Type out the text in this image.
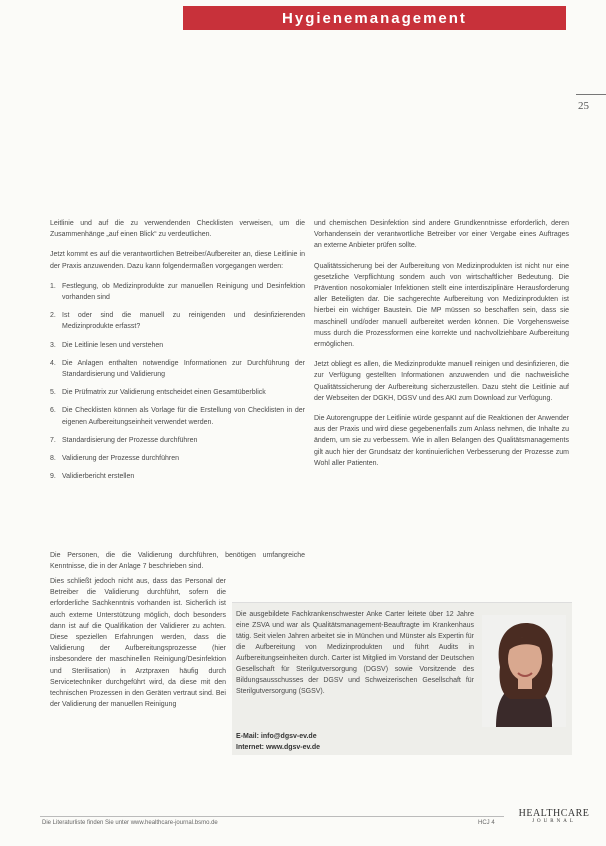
Hygienemanagement
25

Leitlinie und auf die zu verwendenden Checklisten verweisen, um die Zusammenhänge „auf einen Blick“ zu verdeutlichen.

Jetzt kommt es auf die verantwortlichen Betreiber/Aufbereiter an, diese Leitlinie in der Praxis anzuwenden. Dazu kann folgendermaßen vorgegangen werden:

1. Festlegung, ob Medizinprodukte zur manuellen Reinigung und Desinfektion vorhanden sind
2. Ist oder sind die manuell zu reinigenden und desinfizierenden Medizinprodukte erfasst?
3. Die Leitlinie lesen und verstehen
4. Die Anlagen enthalten notwendige Informationen zur Durchführung der Standardisierung und Validierung
5. Die Prüfmatrix zur Validierung entscheidet einen Gesamtüberblick
6. Die Checklisten können als Vorlage für die Erstellung von Checklisten in der eigenen Aufbereitungseinheit verwendet werden.
7. Standardisierung der Prozesse durchführen
8. Validierung der Prozesse durchführen
9. Validierbericht erstellen
Die Personen, die die Validierung durchführen, benötigen umfangreiche Kenntnisse, die in der Anlage 7 beschrieben sind.
Dies schließt jedoch nicht aus, dass das Personal der Betreiber die Validierung durchführt, sofern die erforderliche Sachkenntnis vorhanden ist. Sicherlich ist auch externe Unterstützung möglich, doch besonders dann ist auf die Qualifikation der Validierer zu achten. Diese speziellen Erfahrungen werden, dass die Validierung der Aufbereitungsprozesse (hier insbesondere der maschinellen Reinigung/Desinfektion und Sterilisation) in Arztpraxen häufig durch Servicetechniker durchgeführt wird, da diese mit den technischen Prozessen in den Geräten vertraut sind. Bei der Validierung der manuellen Reinigung

und chemischen Desinfektion sind andere Grundkenntnisse erforderlich, deren Vorhandensein der verantwortliche Betreiber vor einer Vergabe eines Auftrages an externe Anbieter prüfen sollte.

Qualitätssicherung bei der Aufbereitung von Medizinprodukten ist nicht nur eine gesetzliche Verpflichtung sondern auch von wirtschaftlicher Bedeutung. Die Prävention nosokomialer Infektionen stellt eine interdisziplinäre Herausforderung aller Beteiligten dar. Die sachgerechte Aufbereitung von Medizinprodukten ist hierbei ein wichtiger Baustein. Die MP müssen so beschaffen sein, dass sie maschinell und/oder manuell aufbereitet werden können. Die Vorgehensweise muss durch die Prozessformen eine korrekte und nachvollziehbare Aufbereitung ermöglichen.

Jetzt obliegt es allen, die Medizinprodukte manuell reinigen und desinfizieren, die zur Verfügung gestellten Informationen anzuwenden und die nachweisliche Qualitätssicherung der Aufbereitung sicherzustellen. Dazu steht die Leitlinie auf der Webseiten der DGKH, DGSV und des AKI zum Download zur Verfügung.

Die Autorengruppe der Leitlinie würde gespannt auf die Reaktionen der Anwender aus der Praxis und wird diese gegebenenfalls zum Anlass nehmen, die Inhalte zu ändern, um sie zu verbessern. Wie in allen Belangen des Qualitätsmanagements gilt auch hier der Grundsatz der kontinuierlichen Verbesserung der Prozesse zum Wohl aller Patienten.

Die ausgebildete Fachkrankenschwester Anke Carter leitete über 12 Jahre eine ZSVA und war als Qualitätsmanagement-Beauftragte im Krankenhaus tätig. Seit vielen Jahren arbeitet sie in München und Münster als Expertin für die Aufbereitung von Medizinprodukten und führt Audits in Aufbereitungseinheiten durch. Carter ist Mitglied im Vorstand der Deutschen Gesellschaft für Sterilgutversorgung (DGSV) sowie Vorsitzende des Bildungsausschusses der DGSV und Schweizerischen Gesellschaft für Sterilgutversorgung (SGSV).
E-Mail: info@dgsv-ev.de
Internet: www.dgsv-ev.de
Die Literaturliste finden Sie unter www.healthcare-journal.bsmo.de	HCJ 4
HEALTHCARE
JOURNAL
